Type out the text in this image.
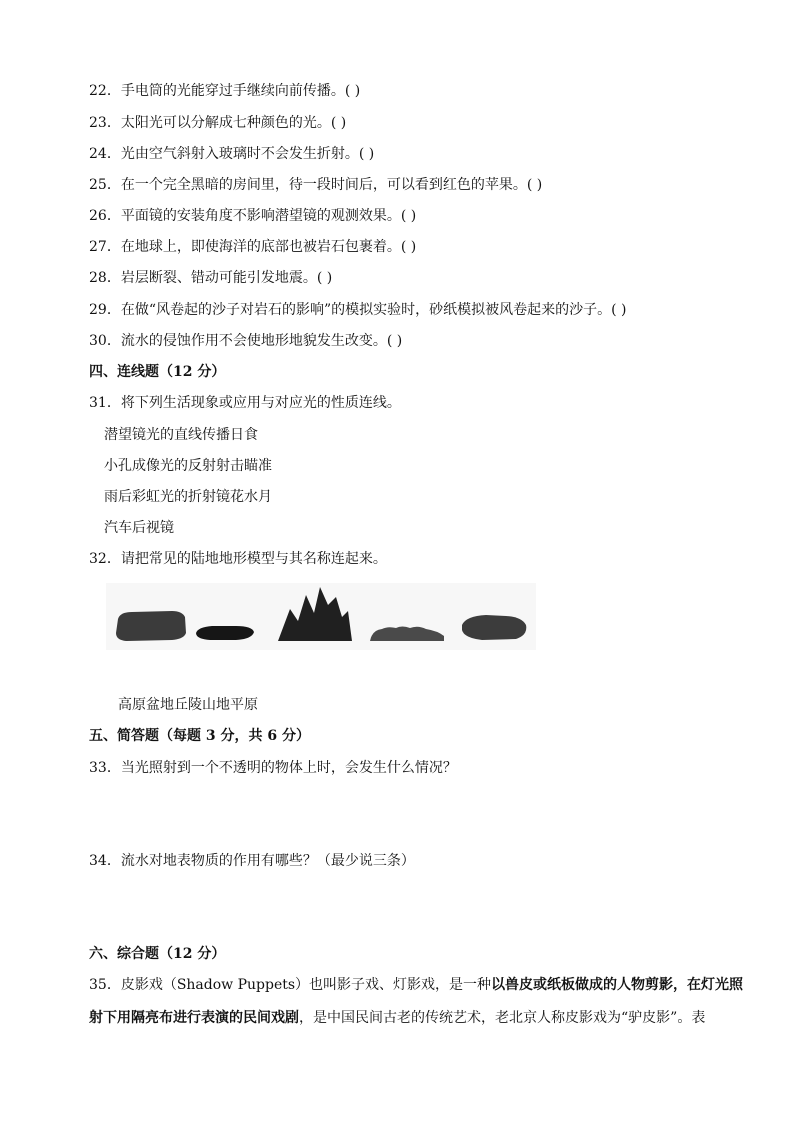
22．手电筒的光能穿过手继续向前传播。( )
23．太阳光可以分解成七种颜色的光。( )
24．光由空气斜射入玻璃时不会发生折射。( )
25．在一个完全黑暗的房间里，待一段时间后，可以看到红色的苹果。( )
26．平面镜的安装角度不影响潜望镜的观测效果。( )
27．在地球上，即使海洋的底部也被岩石包裹着。( )
28．岩层断裂、错动可能引发地震。( )
29．在做“风卷起的沙子对岩石的影响”的模拟实验时，砂纸模拟被风卷起来的沙子。( )
30．流水的侵蚀作用不会使地形地貌发生改变。( )
四、连线题（12 分）
31．将下列生活现象或应用与对应光的性质连线。
潜望镜光的直线传播日食
小孔成像光的反射射击瞄准
雨后彩虹光的折射镜花水月
汽车后视镜
32．请把常见的陆地地形模型与其名称连起来。
高原盆地丘陵山地平原
五、简答题（每题 3 分，共 6 分）
33．当光照射到一个不透明的物体上时，会发生什么情况？
34．流水对地表物质的作用有哪些？（最少说三条）
六、综合题（12 分）
35．皮影戏（Shadow Puppets）也叫影子戏、灯影戏，是一种以兽皮或纸板做成的人物剪影，在灯光照
射下用隔亮布进行表演的民间戏剧，是中国民间古老的传统艺术，老北京人称皮影戏为“驴皮影”。表
